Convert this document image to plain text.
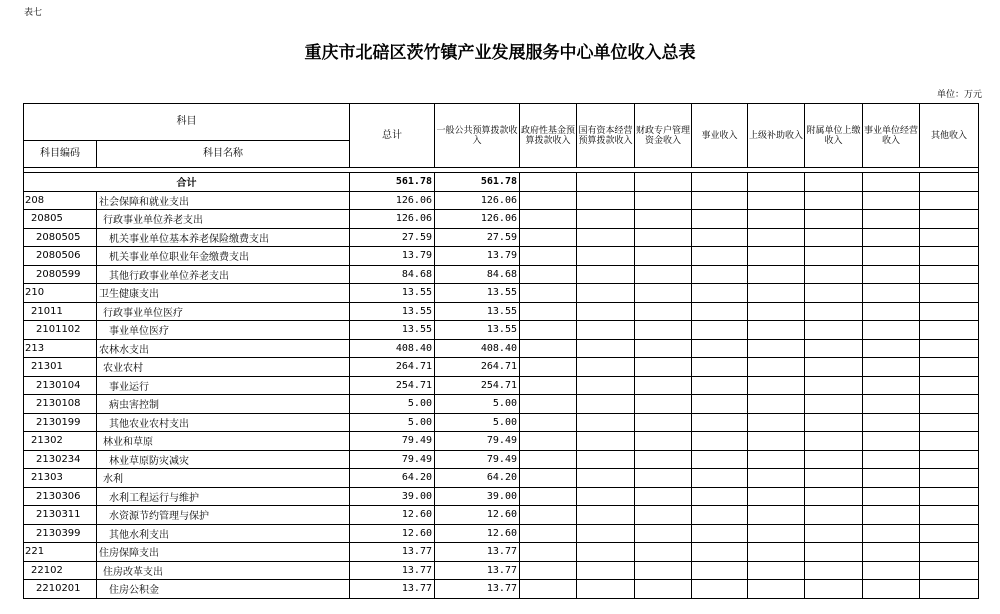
表七
重庆市北碚区茨竹镇产业发展服务中心单位收入总表
单位：万元
科目		总计	一般公共预算拨款收入	政府性基金预算拨款收入	国有资本经营预算拨款收入	财政专户管理资金收入	事业收入	上级补助收入	附属单位上缴收入	事业单位经营收入	其他收入
科目编码	科目名称										

合计		561.78	561.78								
208	社会保障和就业支出	126.06	126.06								
20805	行政事业单位养老支出	126.06	126.06								
2080505	机关事业单位基本养老保险缴费支出	27.59	27.59								
2080506	机关事业单位职业年金缴费支出	13.79	13.79								
2080599	其他行政事业单位养老支出	84.68	84.68								
210	卫生健康支出	13.55	13.55								
21011	行政事业单位医疗	13.55	13.55								
2101102	事业单位医疗	13.55	13.55								
213	农林水支出	408.40	408.40								
21301	农业农村	264.71	264.71								
2130104	事业运行	254.71	254.71								
2130108	病虫害控制	5.00	5.00								
2130199	其他农业农村支出	5.00	5.00								
21302	林业和草原	79.49	79.49								
2130234	林业草原防灾减灾	79.49	79.49								
21303	水利	64.20	64.20								
2130306	水利工程运行与维护	39.00	39.00								
2130311	水资源节约管理与保护	12.60	12.60								
2130399	其他水利支出	12.60	12.60								
221	住房保障支出	13.77	13.77								
22102	住房改革支出	13.77	13.77								
2210201	住房公积金	13.77	13.77								
